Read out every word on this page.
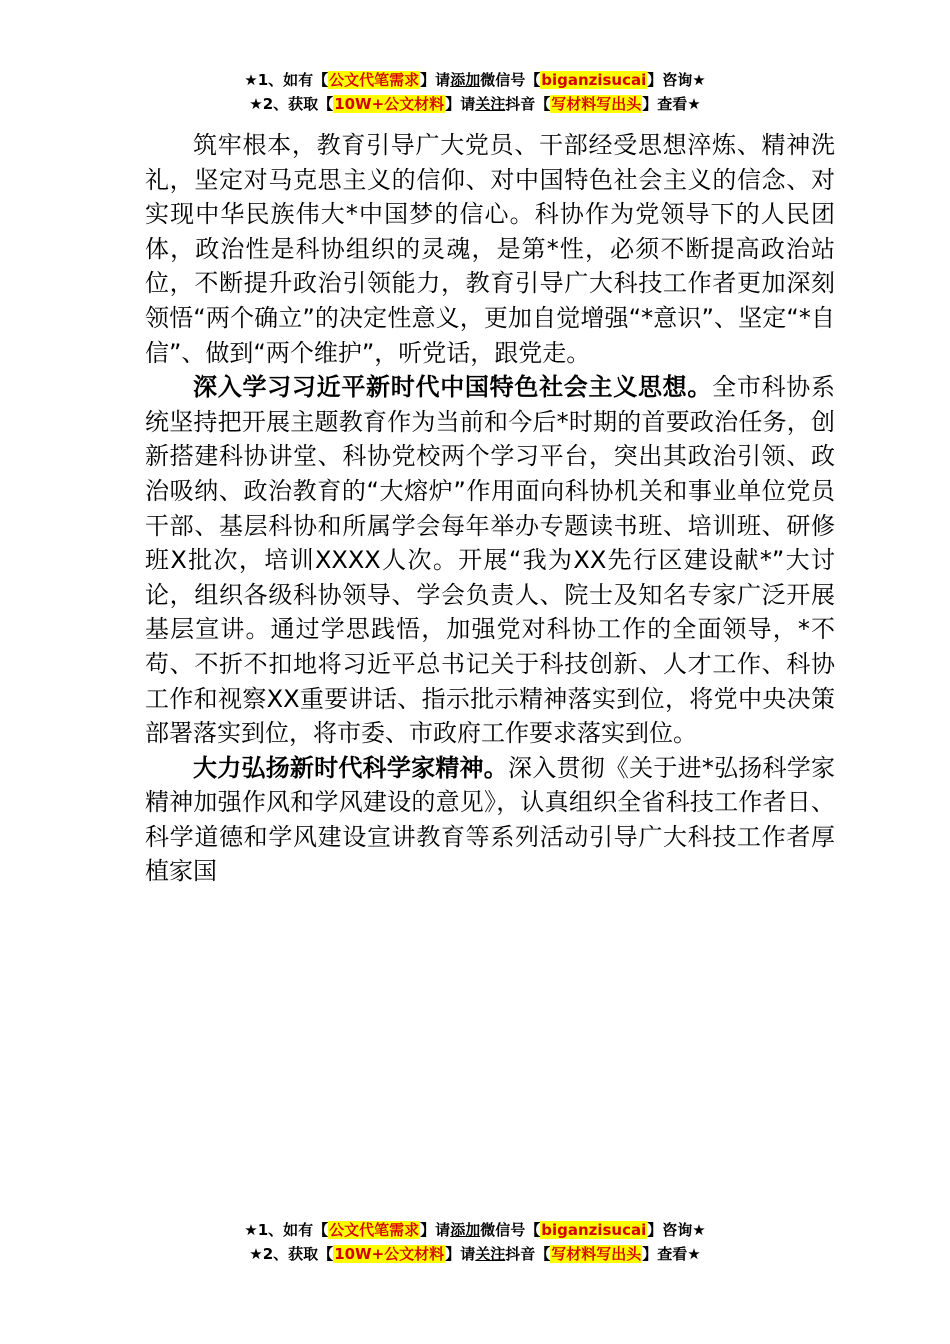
★1、如有【公文代笔需求】请添加微信号【biganzisucai】咨询★
★2、获取【10W+公文材料】请关注抖音【写材料写出头】查看★

筑牢根本，教育引导广大党员、干部经受思想淬炼、精神洗礼，坚定对马克思主义的信仰、对中国特色社会主义的信念、对实现中华民族伟大*中国梦的信心。科协作为党领导下的人民团体，政治性是科协组织的灵魂，是第*性，必须不断提高政治站位，不断提升政治引领能力，教育引导广大科技工作者更加深刻领悟“两个确立”的决定性意义，更加自觉增强“*意识”、坚定“*自信”、做到“两个维护”，听党话，跟党走。

深入学习习近平新时代中国特色社会主义思想。全市科协系统坚持把开展主题教育作为当前和今后*时期的首要政治任务，创新搭建科协讲堂、科协党校两个学习平台，突出其政治引领、政治吸纳、政治教育的“大熔炉”作用面向科协机关和事业单位党员干部、基层科协和所属学会每年举办专题读书班、培训班、研修班X批次，培训XXXX人次。开展“我为XX先行区建设献*”大讨论，组织各级科协领导、学会负责人、院士及知名专家广泛开展基层宣讲。通过学思践悟，加强党对科协工作的全面领导，*不苟、不折不扣地将习近平总书记关于科技创新、人才工作、科协工作和视察XX重要讲话、指示批示精神落实到位，将党中央决策部署落实到位，将市委、市政府工作要求落实到位。

大力弘扬新时代科学家精神。深入贯彻《关于进*弘扬科学家精神加强作风和学风建设的意见》，认真组织全省科技工作者日、科学道德和学风建设宣讲教育等系列活动引导广大科技工作者厚植家国

★1、如有【公文代笔需求】请添加微信号【biganzisucai】咨询★
★2、获取【10W+公文材料】请关注抖音【写材料写出头】查看★
